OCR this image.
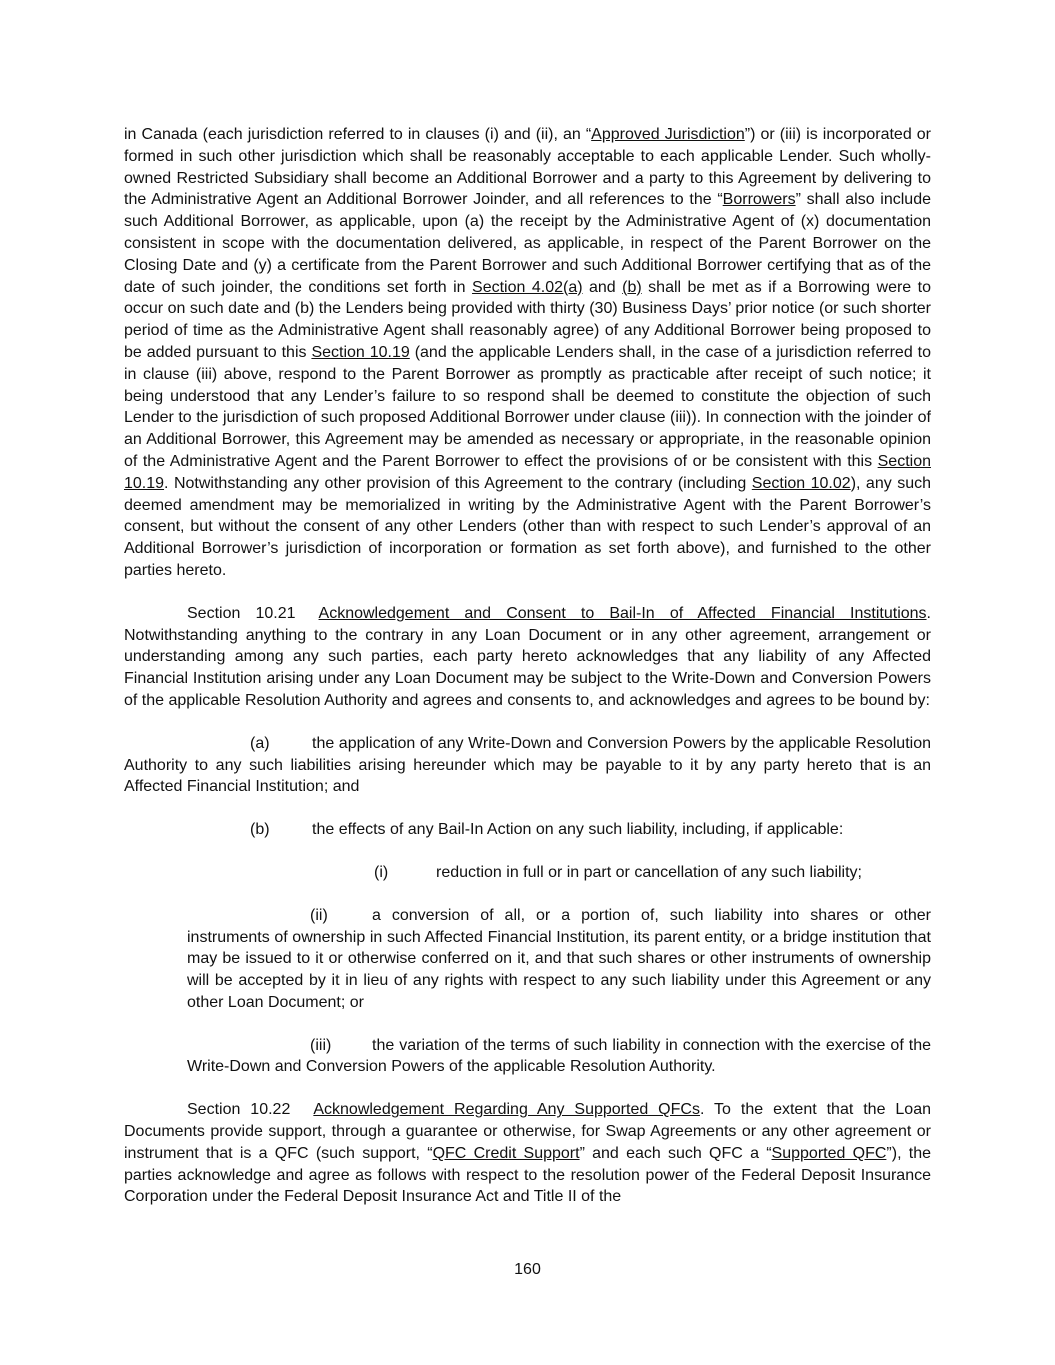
in Canada (each jurisdiction referred to in clauses (i) and (ii), an “Approved Jurisdiction”) or (iii) is incorporated or formed in such other jurisdiction which shall be reasonably acceptable to each applicable Lender. Such wholly-owned Restricted Subsidiary shall become an Additional Borrower and a party to this Agreement by delivering to the Administrative Agent an Additional Borrower Joinder, and all references to the “Borrowers” shall also include such Additional Borrower, as applicable, upon (a) the receipt by the Administrative Agent of (x) documentation consistent in scope with the documentation delivered, as applicable, in respect of the Parent Borrower on the Closing Date and (y) a certificate from the Parent Borrower and such Additional Borrower certifying that as of the date of such joinder, the conditions set forth in Section 4.02(a) and (b) shall be met as if a Borrowing were to occur on such date and (b) the Lenders being provided with thirty (30) Business Days’ prior notice (or such shorter period of time as the Administrative Agent shall reasonably agree) of any Additional Borrower being proposed to be added pursuant to this Section 10.19 (and the applicable Lenders shall, in the case of a jurisdiction referred to in clause (iii) above, respond to the Parent Borrower as promptly as practicable after receipt of such notice; it being understood that any Lender’s failure to so respond shall be deemed to constitute the objection of such Lender to the jurisdiction of such proposed Additional Borrower under clause (iii)). In connection with the joinder of an Additional Borrower, this Agreement may be amended as necessary or appropriate, in the reasonable opinion of the Administrative Agent and the Parent Borrower to effect the provisions of or be consistent with this Section 10.19. Notwithstanding any other provision of this Agreement to the contrary (including Section 10.02), any such deemed amendment may be memorialized in writing by the Administrative Agent with the Parent Borrower’s consent, but without the consent of any other Lenders (other than with respect to such Lender’s approval of an Additional Borrower’s jurisdiction of incorporation or formation as set forth above), and furnished to the other parties hereto.

Section 10.21 Acknowledgement and Consent to Bail-In of Affected Financial Institutions. Notwithstanding anything to the contrary in any Loan Document or in any other agreement, arrangement or understanding among any such parties, each party hereto acknowledges that any liability of any Affected Financial Institution arising under any Loan Document may be subject to the Write-Down and Conversion Powers of the applicable Resolution Authority and agrees and consents to, and acknowledges and agrees to be bound by:

(a)	the application of any Write-Down and Conversion Powers by the applicable Resolution Authority to any such liabilities arising hereunder which may be payable to it by any party hereto that is an Affected Financial Institution; and

(b)	the effects of any Bail-In Action on any such liability, including, if applicable:

(i)	reduction in full or in part or cancellation of any such liability;

(ii)	a conversion of all, or a portion of, such liability into shares or other instruments of ownership in such Affected Financial Institution, its parent entity, or a bridge institution that may be issued to it or otherwise conferred on it, and that such shares or other instruments of ownership will be accepted by it in lieu of any rights with respect to any such liability under this Agreement or any other Loan Document; or

(iii)	the variation of the terms of such liability in connection with the exercise of the Write-Down and Conversion Powers of the applicable Resolution Authority.

Section 10.22 Acknowledgement Regarding Any Supported QFCs. To the extent that the Loan Documents provide support, through a guarantee or otherwise, for Swap Agreements or any other agreement or instrument that is a QFC (such support, “QFC Credit Support” and each such QFC a “Supported QFC”), the parties acknowledge and agree as follows with respect to the resolution power of the Federal Deposit Insurance Corporation under the Federal Deposit Insurance Act and Title II of the

160
